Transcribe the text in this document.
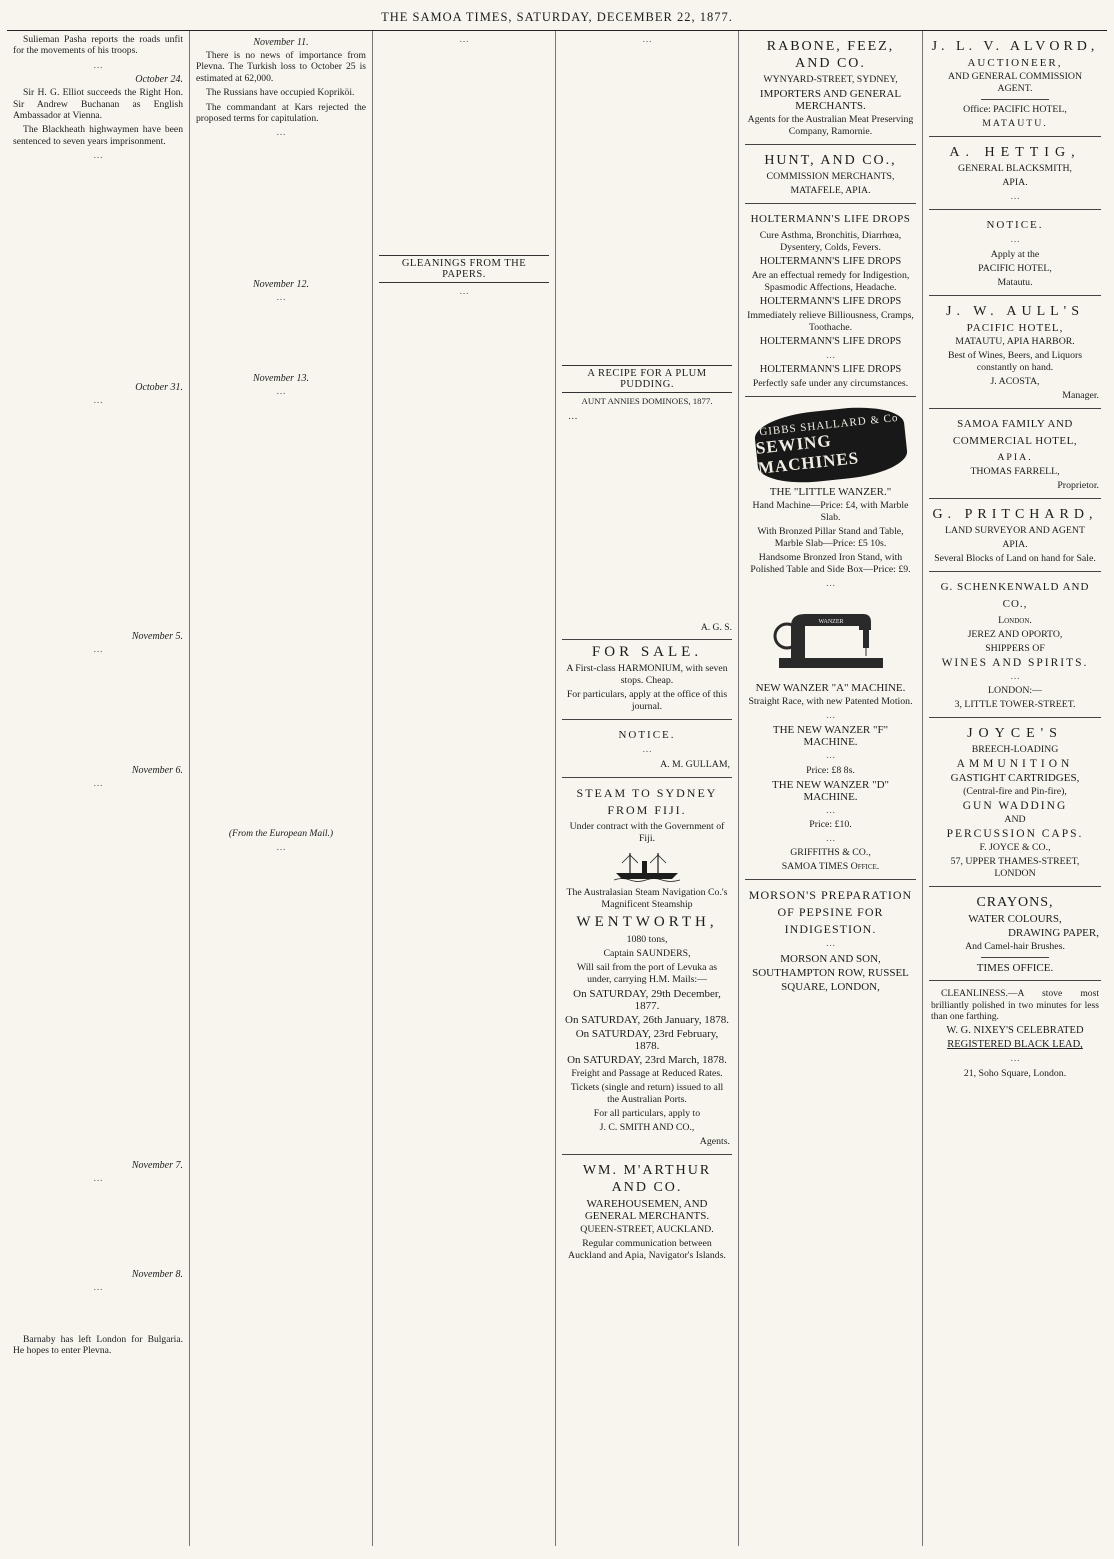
THE SAMOA TIMES, SATURDAY, DECEMBER 22, 1877.

Sulieman Pasha reports the roads unfit for the movements of his troops.

…

October 24.

Sir H. G. Elliot succeeds the Right Hon. Sir Andrew Buchanan as English Ambassador at Vienna.

The Blackheath highwaymen have been sentenced to seven years imprisonment.

…

October 31.

…

November 5.

…

November 6.

…

November 7.

…

November 8.

…

Barnaby has left London for Bulgaria. He hopes to enter Plevna.

November 11.

There is no news of importance from Plevna. The Turkish loss to October 25 is estimated at 62,000.

The Russians have occupied Kopriköi.

The commandant at Kars rejected the proposed terms for capitulation.

…

November 12.

…

November 13.

…

(From the European Mail.)

…

…

GLEANINGS FROM THE PAPERS.

…

…

A RECIPE FOR A PLUM PUDDING.

AUNT ANNIES DOMINOES, 1877.

…

A. G. S.

FOR SALE.

A First-class HARMONIUM, with seven stops. Cheap.

For particulars, apply at the office of this journal.

NOTICE.

…

A. M. GULLAM,

STEAM TO SYDNEY FROM FIJI.

Under contract with the Government of Fiji.

The Australasian Steam Navigation Co.'s Magnificent Steamship

WENTWORTH,

1080 tons,

Captain SAUNDERS,

Will sail from the port of Levuka as under, carrying H.M. Mails:—

On SATURDAY, 29th December, 1877.

On SATURDAY, 26th January, 1878.

On SATURDAY, 23rd February, 1878.

On SATURDAY, 23rd March, 1878.

Freight and Passage at Reduced Rates.

Tickets (single and return) issued to all the Australian Ports.

For all particulars, apply to

J. C. SMITH AND CO.,

Agents.

WM. M'ARTHUR AND CO.

WAREHOUSEMEN, AND GENERAL MERCHANTS.

QUEEN-STREET, AUCKLAND.

Regular communication between Auckland and Apia, Navigator's Islands.

RABONE, FEEZ, AND CO.

WYNYARD-STREET, SYDNEY,

IMPORTERS AND GENERAL MERCHANTS.

Agents for the Australian Meat Preserving Company, Ramornie.

HUNT, AND CO.,

COMMISSION MERCHANTS,

MATAFELE, APIA.

HOLTERMANN'S LIFE DROPS

Cure Asthma, Bronchitis, Diarrhœa, Dysentery, Colds, Fevers.

HOLTERMANN'S LIFE DROPS

Are an effectual remedy for Indigestion, Spasmodic Affections, Headache.

HOLTERMANN'S LIFE DROPS

Immediately relieve Billiousness, Cramps, Toothache.

HOLTERMANN'S LIFE DROPS

…

HOLTERMANN'S LIFE DROPS

Perfectly safe under any circumstances.

GIBBS SHALLARD & Co
SEWING MACHINES

THE "LITTLE WANZER."

Hand Machine—Price: £4, with Marble Slab.

With Bronzed Pillar Stand and Table, Marble Slab—Price: £5 10s.

Handsome Bronzed Iron Stand, with Polished Table and Side Box—Price: £9.

…

WANZER

NEW WANZER "A" MACHINE.

Straight Race, with new Patented Motion.

…

THE NEW WANZER "F" MACHINE.

…

Price: £8 8s.

THE NEW WANZER "D" MACHINE.

…

Price: £10.

…

GRIFFITHS & CO.,

SAMOA TIMES Office.

MORSON'S PREPARATION OF PEPSINE FOR INDIGESTION.

…

MORSON AND SON,

SOUTHAMPTON ROW, RUSSEL

SQUARE, LONDON,

J. L. V. ALVORD,

AUCTIONEER,

AND GENERAL COMMISSION AGENT.

Office: PACIFIC HOTEL,

MATAUTU.

A. HETTIG,

GENERAL BLACKSMITH,

APIA.

…

NOTICE.

…

Apply at the

PACIFIC HOTEL,

Matautu.

J. W. AULL'S

PACIFIC HOTEL,

MATAUTU, APIA HARBOR.

Best of Wines, Beers, and Liquors constantly on hand.

J. ACOSTA,

Manager.

SAMOA FAMILY AND COMMERCIAL HOTEL,

APIA.

THOMAS FARRELL,

Proprietor.

G. PRITCHARD,

LAND SURVEYOR AND AGENT

APIA.

Several Blocks of Land on hand for Sale.

G. SCHENKENWALD AND CO.,

London.

JEREZ AND OPORTO,

SHIPPERS OF

WINES AND SPIRITS.

…

LONDON:—

3, LITTLE TOWER-STREET.

JOYCE'S

BREECH-LOADING

AMMUNITION

GASTIGHT CARTRIDGES,

(Central-fire and Pin-fire),

GUN WADDING

AND

PERCUSSION CAPS.

F. JOYCE & CO.,

57, UPPER THAMES-STREET, LONDON

CRAYONS,

WATER COLOURS,

DRAWING PAPER,

And Camel-hair Brushes.

TIMES OFFICE.

CLEANLINESS.—A stove most brilliantly polished in two minutes for less than one farthing.

W. G. NIXEY'S CELEBRATED

REGISTERED BLACK LEAD,

…

21, Soho Square, London.
